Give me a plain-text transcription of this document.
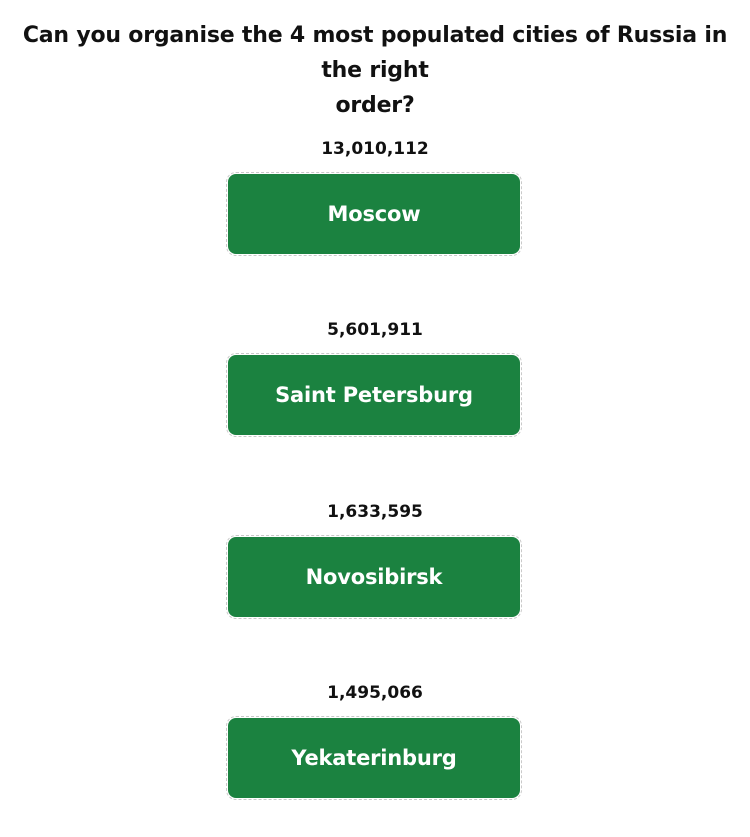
Can you organise the 4 most populated cities of Russia in the right
order?
13,010,112
Moscow
5,601,911
Saint Petersburg
1,633,595
Novosibirsk
1,495,066
Yekaterinburg
